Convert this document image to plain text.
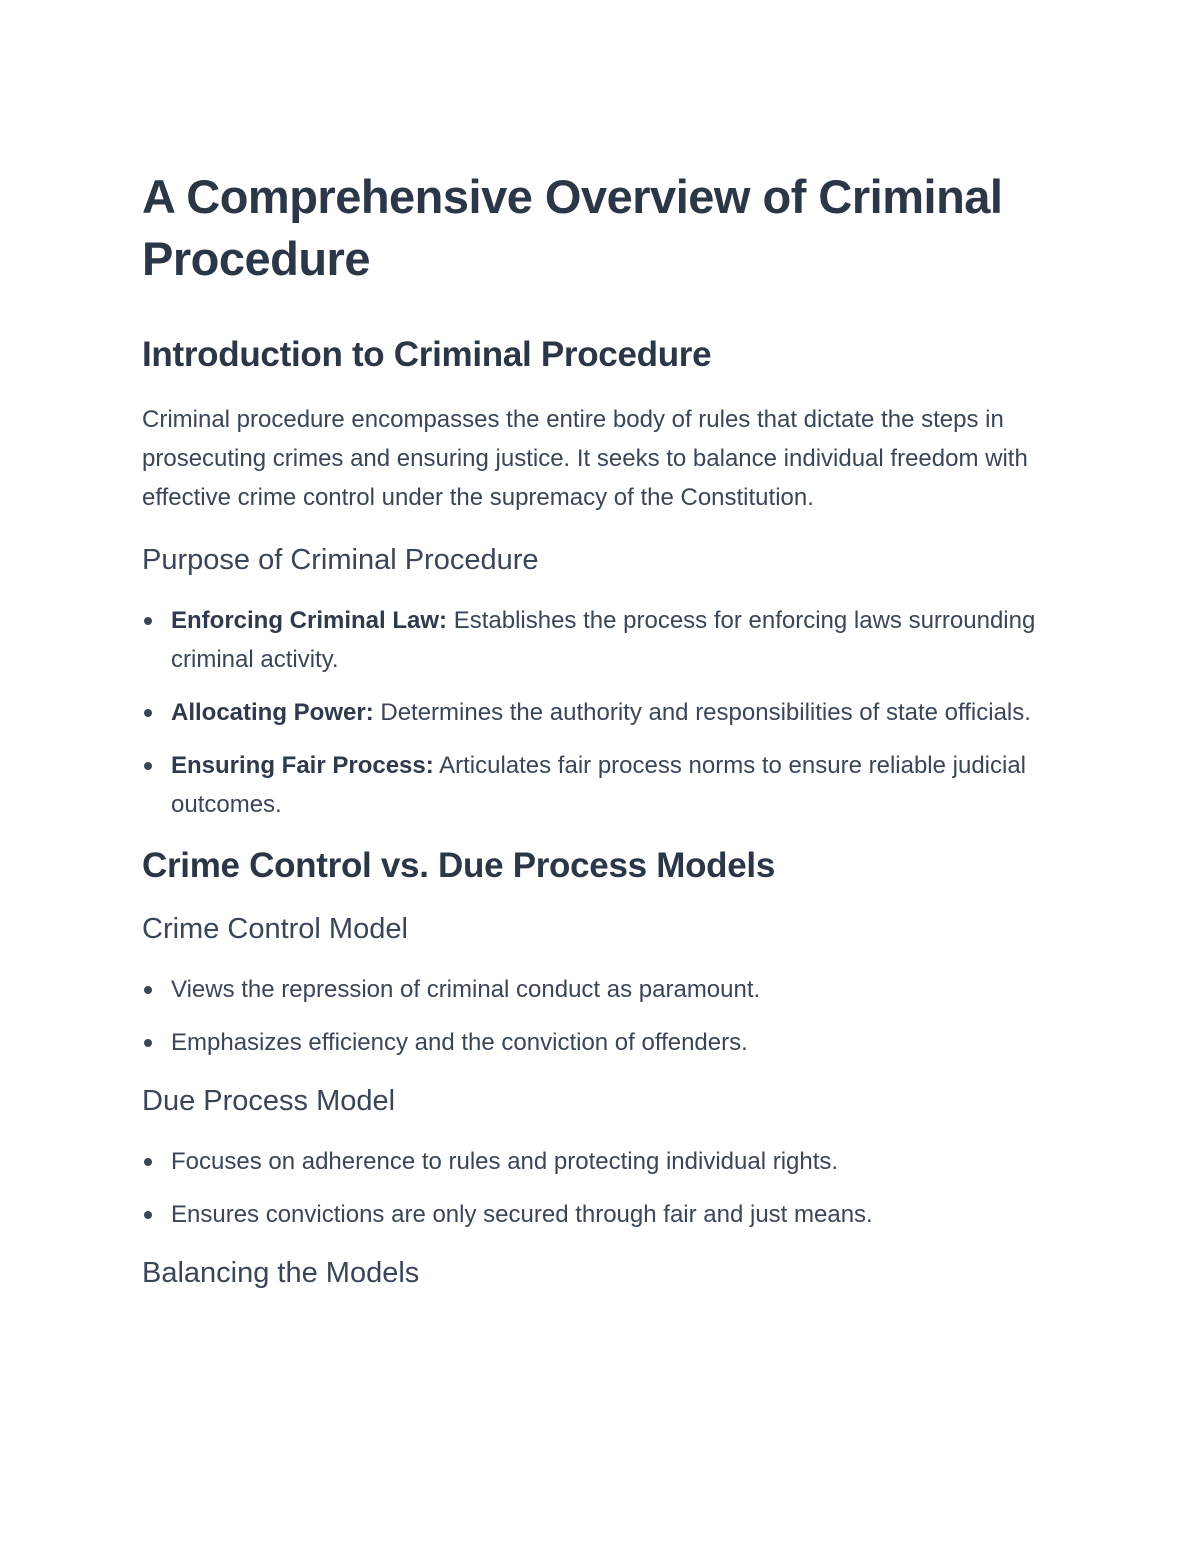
A Comprehensive Overview of Criminal Procedure
Introduction to Criminal Procedure

Criminal procedure encompasses the entire body of rules that dictate the steps in prosecuting crimes and ensuring justice. It seeks to balance individual freedom with effective crime control under the supremacy of the Constitution.

Purpose of Criminal Procedure
Enforcing Criminal Law: Establishes the process for enforcing laws surrounding criminal activity.
Allocating Power: Determines the authority and responsibilities of state officials.
Ensuring Fair Process: Articulates fair process norms to ensure reliable judicial outcomes.
Crime Control vs. Due Process Models
Crime Control Model
Views the repression of criminal conduct as paramount.
Emphasizes efficiency and the conviction of offenders.
Due Process Model
Focuses on adherence to rules and protecting individual rights.
Ensures convictions are only secured through fair and just means.
Balancing the Models
